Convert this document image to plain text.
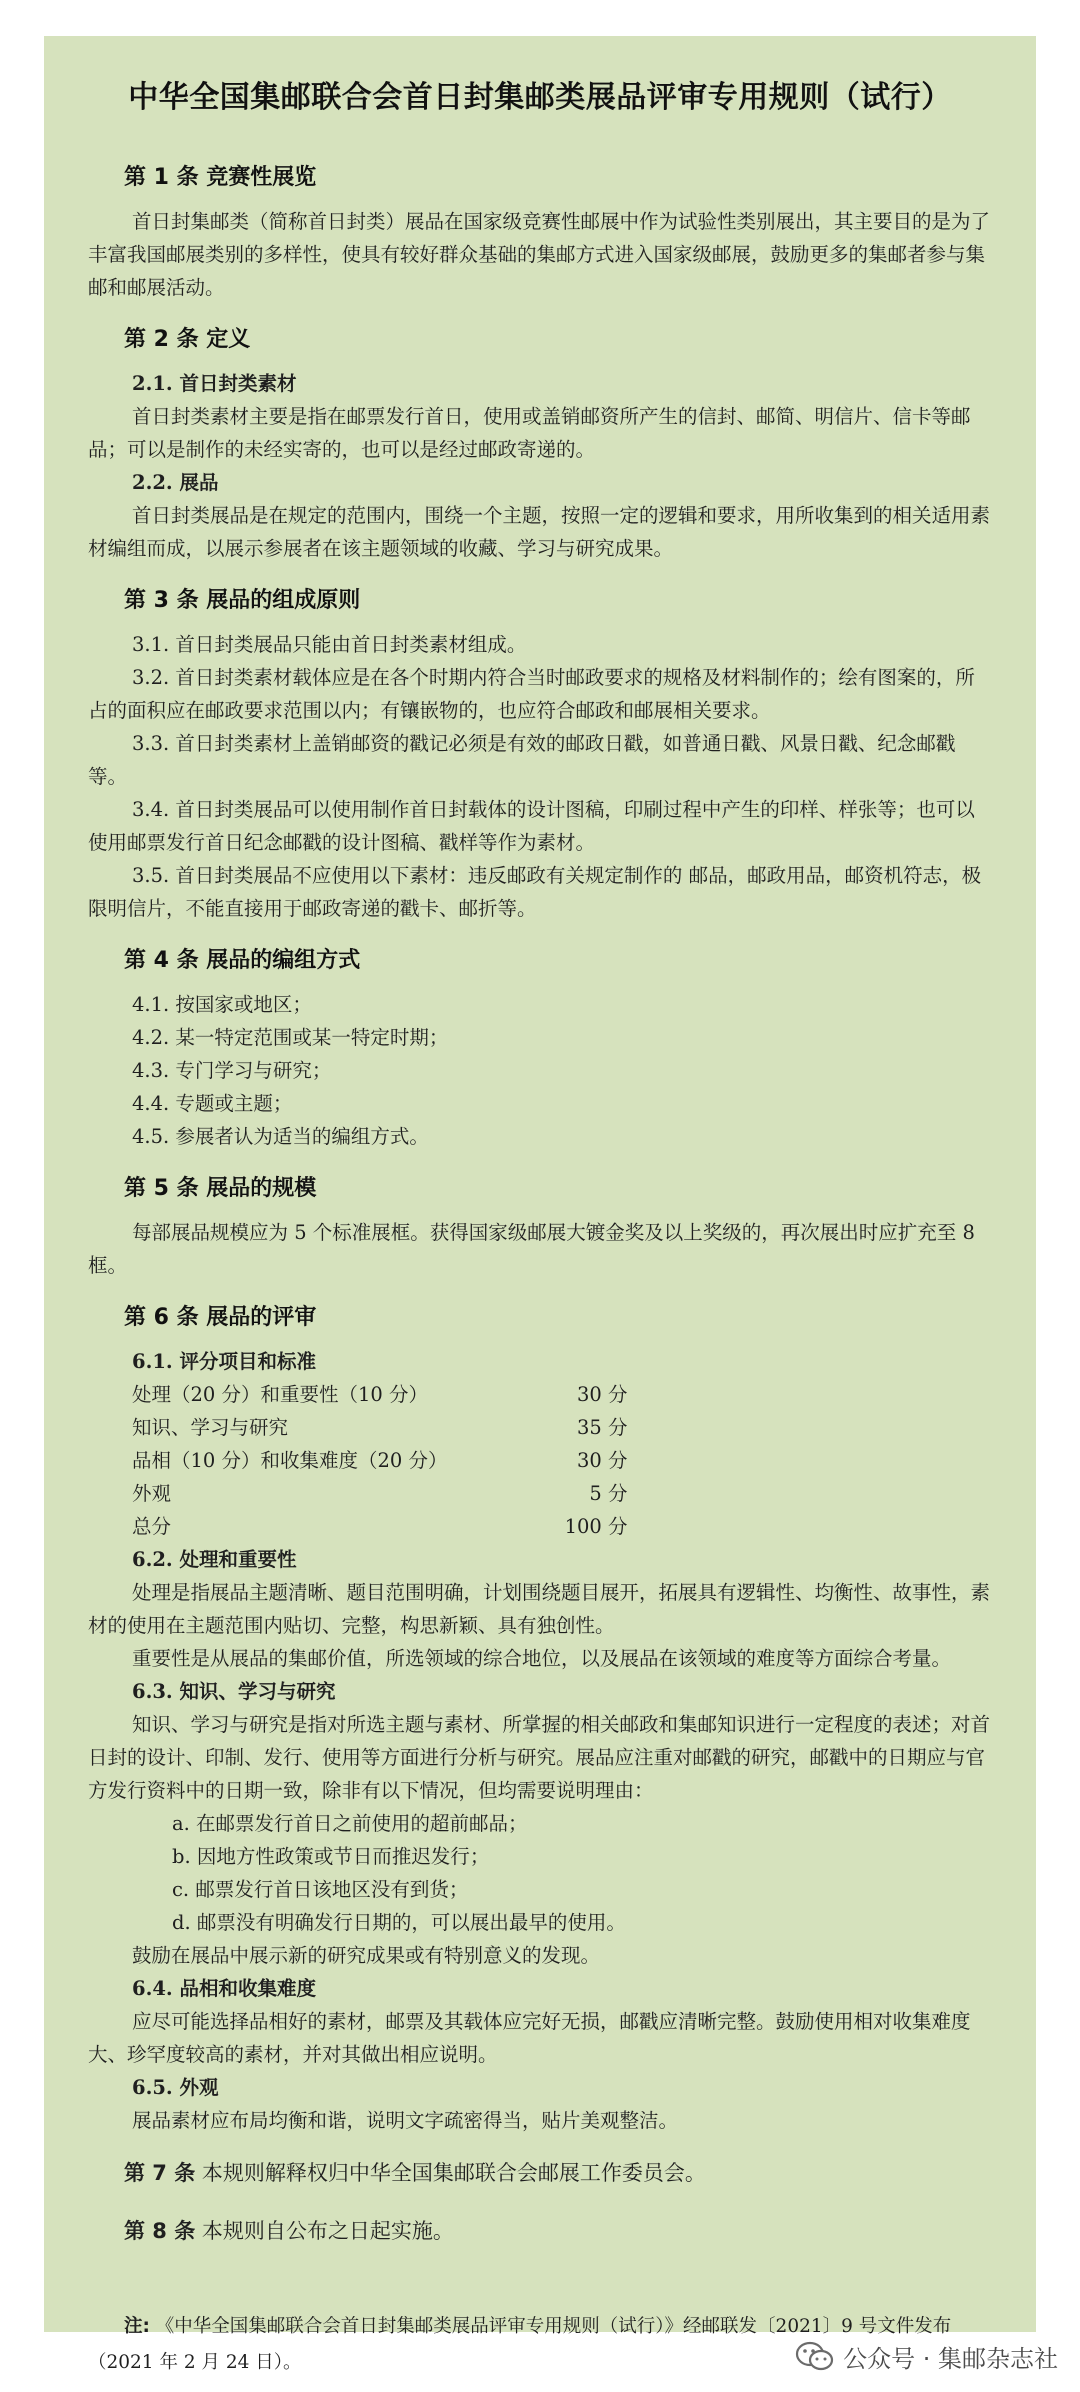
中华全国集邮联合会首日封集邮类展品评审专用规则（试行）
第 1 条 竞赛性展览

首日封集邮类（简称首日封类）展品在国家级竞赛性邮展中作为试验性类别展出，其主要目的是为了丰富我国邮展类别的多样性，使具有较好群众基础的集邮方式进入国家级邮展，鼓励更多的集邮者参与集邮和邮展活动。

第 2 条 定义
2.1. 首日封类素材

首日封类素材主要是指在邮票发行首日，使用或盖销邮资所产生的信封、邮简、明信片、信卡等邮品；可以是制作的未经实寄的，也可以是经过邮政寄递的。

2.2. 展品

首日封类展品是在规定的范围内，围绕一个主题，按照一定的逻辑和要求，用所收集到的相关适用素材编组而成，以展示参展者在该主题领域的收藏、学习与研究成果。

第 3 条 展品的组成原则

3.1. 首日封类展品只能由首日封类素材组成。

3.2. 首日封类素材载体应是在各个时期内符合当时邮政要求的规格及材料制作的；绘有图案的，所占的面积应在邮政要求范围以内；有镶嵌物的，也应符合邮政和邮展相关要求。

3.3. 首日封类素材上盖销邮资的戳记必须是有效的邮政日戳，如普通日戳、风景日戳、纪念邮戳等。

3.4. 首日封类展品可以使用制作首日封载体的设计图稿，印刷过程中产生的印样、样张等；也可以使用邮票发行首日纪念邮戳的设计图稿、戳样等作为素材。

3.5. 首日封类展品不应使用以下素材：违反邮政有关规定制作的 邮品，邮政用品，邮资机符志，极限明信片，不能直接用于邮政寄递的戳卡、邮折等。

第 4 条 展品的编组方式

4.1. 按国家或地区；

4.2. 某一特定范围或某一特定时期；

4.3. 专门学习与研究；

4.4. 专题或主题；

4.5. 参展者认为适当的编组方式。

第 5 条 展品的规模

每部展品规模应为 5 个标准展框。获得国家级邮展大镀金奖及以上奖级的，再次展出时应扩充至 8 框。

第 6 条 展品的评审
6.1. 评分项目和标准
处理（20 分）和重要性（10 分）	30 分
知识、学习与研究	35 分
品相（10 分）和收集难度（20 分）	30 分
外观	5 分
总分	100 分
6.2. 处理和重要性

处理是指展品主题清晰、题目范围明确，计划围绕题目展开，拓展具有逻辑性、均衡性、故事性，素材的使用在主题范围内贴切、完整，构思新颖、具有独创性。

重要性是从展品的集邮价值，所选领域的综合地位，以及展品在该领域的难度等方面综合考量。

6.3. 知识、学习与研究

知识、学习与研究是指对所选主题与素材、所掌握的相关邮政和集邮知识进行一定程度的表述；对首日封的设计、印制、发行、使用等方面进行分析与研究。展品应注重对邮戳的研究，邮戳中的日期应与官方发行资料中的日期一致，除非有以下情况，但均需要说明理由：

a. 在邮票发行首日之前使用的超前邮品；

b. 因地方性政策或节日而推迟发行；

c. 邮票发行首日该地区没有到货；

d. 邮票没有明确发行日期的，可以展出最早的使用。

鼓励在展品中展示新的研究成果或有特别意义的发现。

6.4. 品相和收集难度

应尽可能选择品相好的素材，邮票及其载体应完好无损，邮戳应清晰完整。鼓励使用相对收集难度大、珍罕度较高的素材，并对其做出相应说明。

6.5. 外观

展品素材应布局均衡和谐，说明文字疏密得当，贴片美观整洁。

第 7 条 本规则解释权归中华全国集邮联合会邮展工作委员会。

第 8 条 本规则自公布之日起实施。

注: 《中华全国集邮联合会首日封集邮类展品评审专用规则（试行）》经邮联发〔2021〕9 号文件发布（2021 年 2 月 24 日）。	公众号 · 集邮杂志社
